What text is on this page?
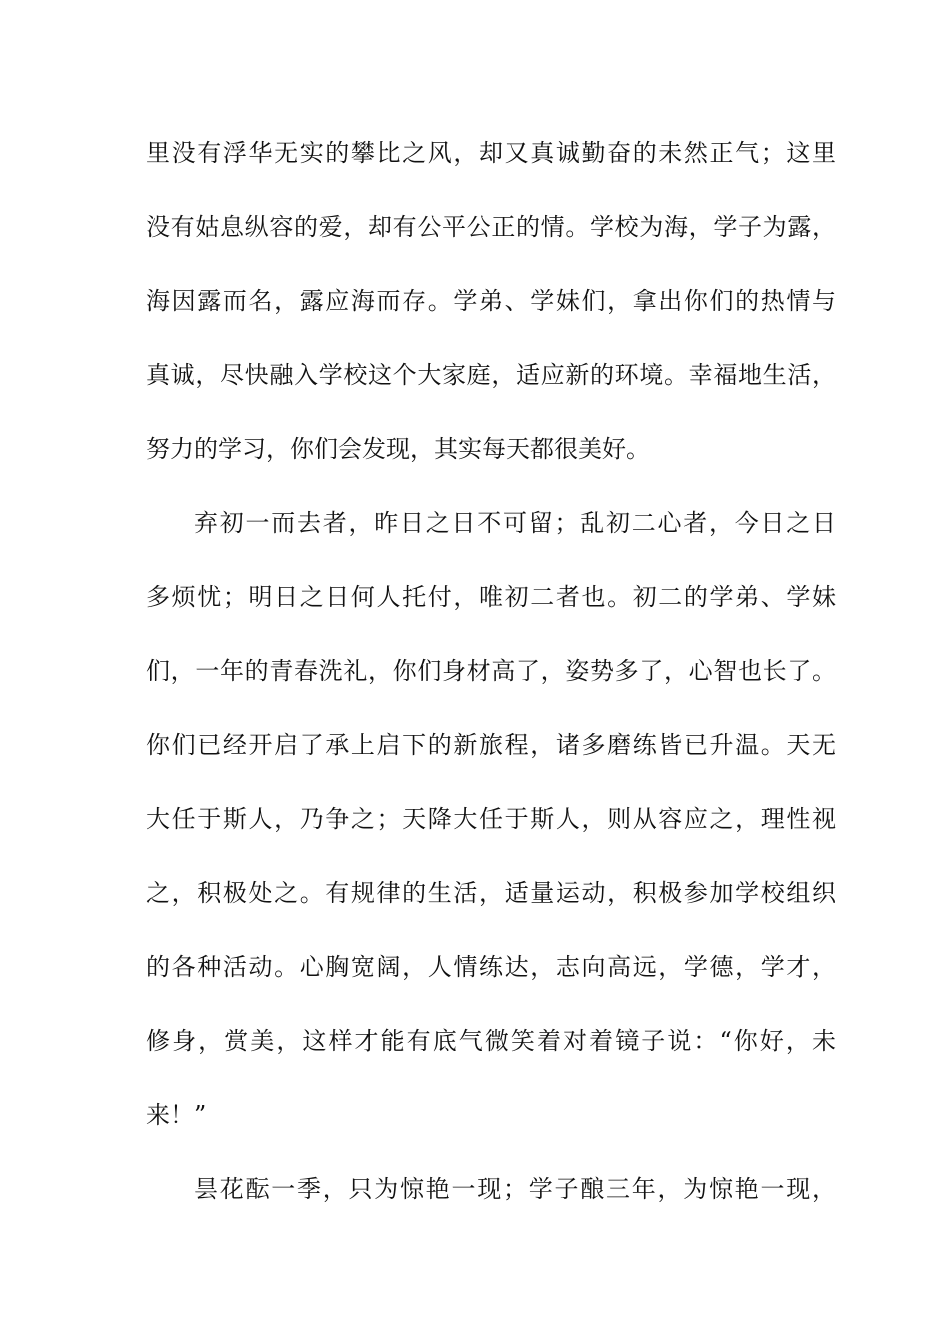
里没有浮华无实的攀比之风，却又真诚勤奋的未然正气；这里
没有姑息纵容的爱，却有公平公正的情。学校为海，学子为露，
海因露而名，露应海而存。学弟、学妹们，拿出你们的热情与
真诚，尽快融入学校这个大家庭，适应新的环境。幸福地生活，
努力的学习，你们会发现，其实每天都很美好。
弃初一而去者，昨日之日不可留；乱初二心者，今日之日
多烦忧；明日之日何人托付，唯初二者也。初二的学弟、学妹
们，一年的青春洗礼，你们身材高了，姿势多了，心智也长了。
你们已经开启了承上启下的新旅程，诸多磨练皆已升温。天无
大任于斯人，乃争之；天降大任于斯人，则从容应之，理性视
之，积极处之。有规律的生活，适量运动，积极参加学校组织
的各种活动。心胸宽阔，人情练达，志向高远，学德，学才，
修身，赏美，这样才能有底气微笑着对着镜子说：“你好，未
来！”
昙花酝一季，只为惊艳一现；学子酿三年，为惊艳一现，
